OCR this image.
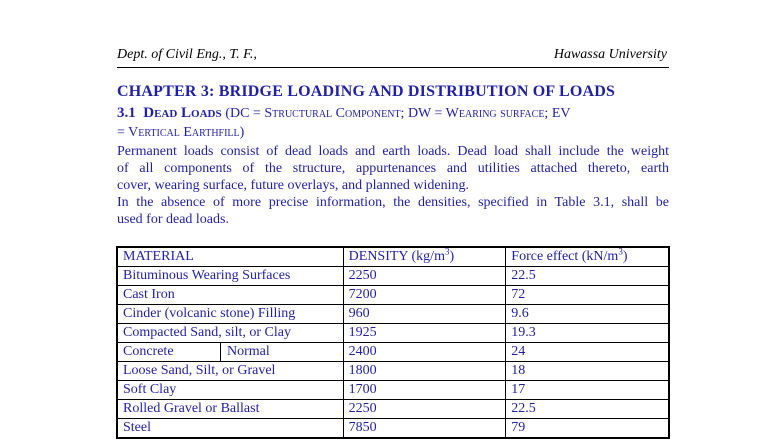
Dept. of Civil Eng., T. F.,	Hawassa University
CHAPTER 3: BRIDGE LOADING AND DISTRIBUTION OF LOADS
3.1 Dead Loads (DC = Structural Component; DW = Wearing surface; EV
= Vertical Earthfill)
Permanent loads consist of dead loads and earth loads. Dead load shall include the weight
of all components of the structure, appurtenances and utilities attached thereto, earth
cover, wearing surface, future overlays, and planned widening.
In the absence of more precise information, the densities, specified in Table 3.1, shall be
used for dead loads.
MATERIAL	DENSITY $(kg/m^3)$	Force effect $(kN/m^3)$
Bituminous Wearing Surfaces	2250	22.5
Cast Iron	7200	72
Cinder (volcanic stone) Filling	960	9.6
Compacted Sand, silt, or Clay	1925	19.3

Concrete Normal	2400	24
Loose Sand, Silt, or Gravel	1800	18
Soft Clay	1700	17
Rolled Gravel or Ballast	2250	22.5
Steel	7850	79
